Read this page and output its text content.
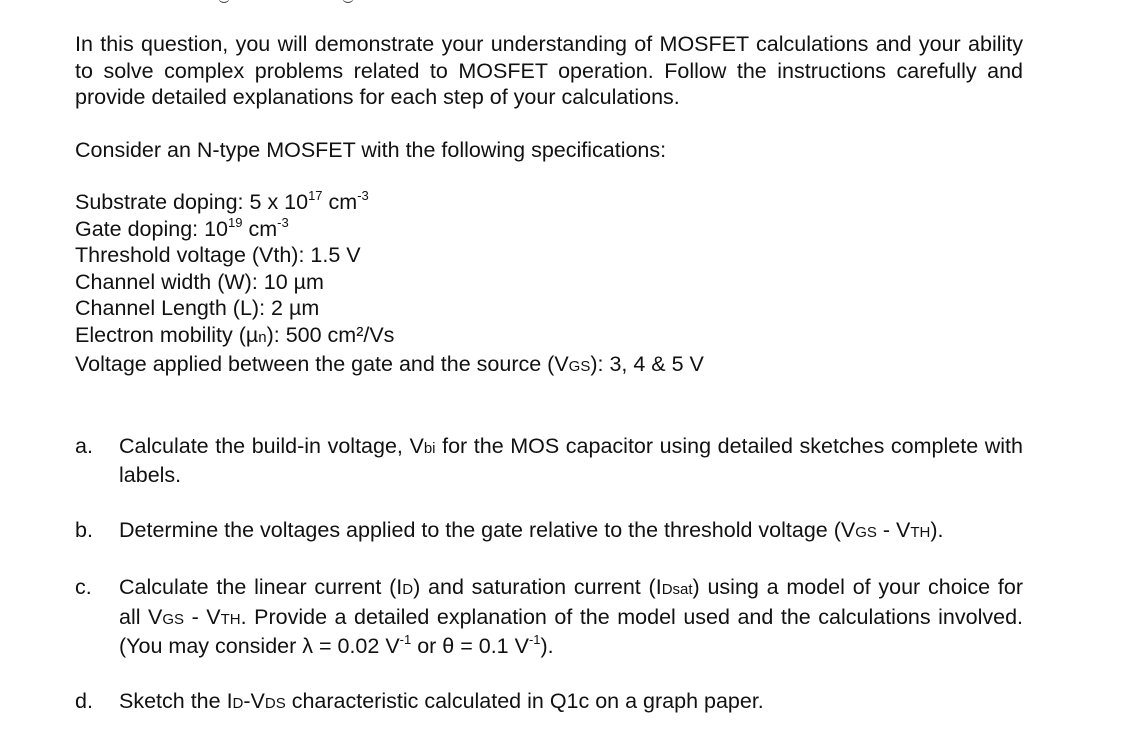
In this question, you will demonstrate your understanding of MOSFET calculations and your ability to solve complex problems related to MOSFET operation. Follow the instructions carefully and provide detailed explanations for each step of your calculations.

Consider an N-type MOSFET with the following specifications:

Substrate doping: 5 x $10^{17}$ $cm^{-3}$
Gate doping: $10^{19}$ $cm^{-3}$
Threshold voltage (Vth): 1.5 V
Channel width (W): 10 µm
Channel Length (L): 2 µm
Electron mobility (µn): 500 cm²/Vs
Voltage applied between the gate and the source (VGS): 3, 4 & 5 V
a.	Calculate the build-in voltage, Vbi for the MOS capacitor using detailed sketches complete with labels.
b.	Determine the voltages applied to the gate relative to the threshold voltage (VGS - VTH).
c.	Calculate the linear current (ID) and saturation current (IDsat) using a model of your choice for all VGS - VTH. Provide a detailed explanation of the model used and the calculations involved. (You may consider λ = 0.02 $V^{-1}$ or θ = 0.1 $V^{-1}$).
d.	Sketch the ID-VDS characteristic calculated in Q1c on a graph paper.
